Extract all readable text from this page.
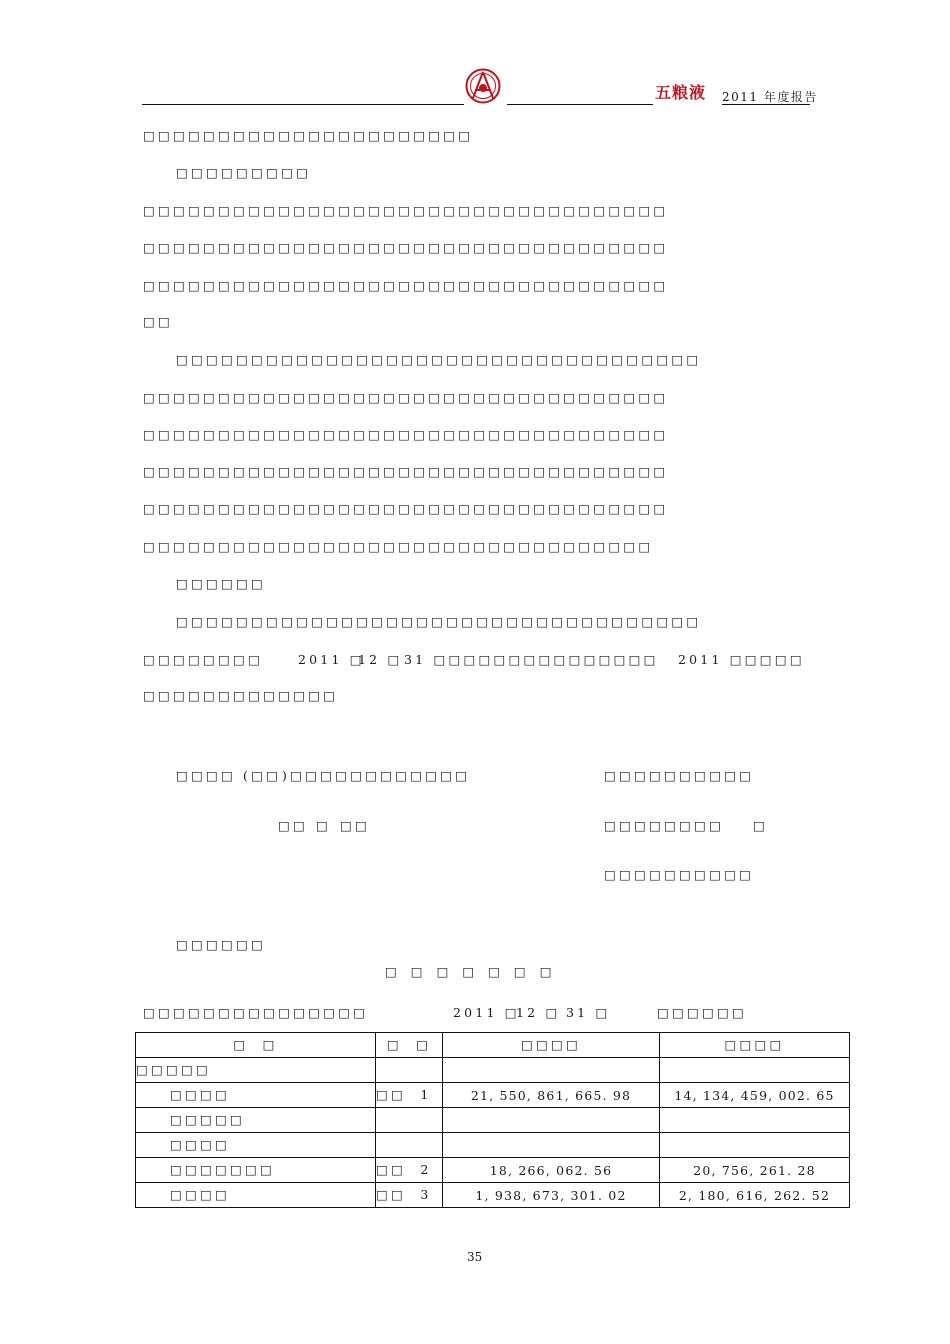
五粮液 2011 年度报告
□□□□□□□□□□□□□□□□□□□□□□
□□□□□□□□□
□□□□□□□□□□□□□□□□□□□□□□□□□□□□□□□□□□□
□□□□□□□□□□□□□□□□□□□□□□□□□□□□□□□□□□□
□□□□□□□□□□□□□□□□□□□□□□□□□□□□□□□□□□□
□□
□□□□□□□□□□□□□□□□□□□□□□□□□□□□□□□□□□□
□□□□□□□□□□□□□□□□□□□□□□□□□□□□□□□□□□□
□□□□□□□□□□□□□□□□□□□□□□□□□□□□□□□□□□□
□□□□□□□□□□□□□□□□□□□□□□□□□□□□□□□□□□□
□□□□□□□□□□□□□□□□□□□□□□□□□□□□□□□□□□□
□□□□□□□□□□□□□□□□□□□□□□□□□□□□□□□□□□
□□□□□□
□□□□□□□□□□□□□□□□□□□□□□□□□□□□□□□□□□□
□□□□□□□□	2011 □
12 □ 31 □□□□□□□□□□□□□□□ 2011 □□□□□
□□□□□□□□□□□□□
□□□□ (□□ )□□□□□□□□□□□□	□□□□□□□□□□
□□ □ □□	□□□□□□□□ □
□□□□□□□□□□
□□□□□□
□ □ □ □ □ □ □
□□□□□□□□□□□□□□□	2011 □
12 □ 31 □	□□□□□□
□  □	□  □	□□□□	□□□□
□□□□□			
□□□□	□□  1	21, 550, 861, 665. 98	14, 134, 459, 002. 65
□□□□□			
□□□□			
□□□□□□□	□□  2	18, 266, 062. 56	20, 756, 261. 28
□□□□	□□  3	1, 938, 673, 301. 02	2, 180, 616, 262. 52
35
